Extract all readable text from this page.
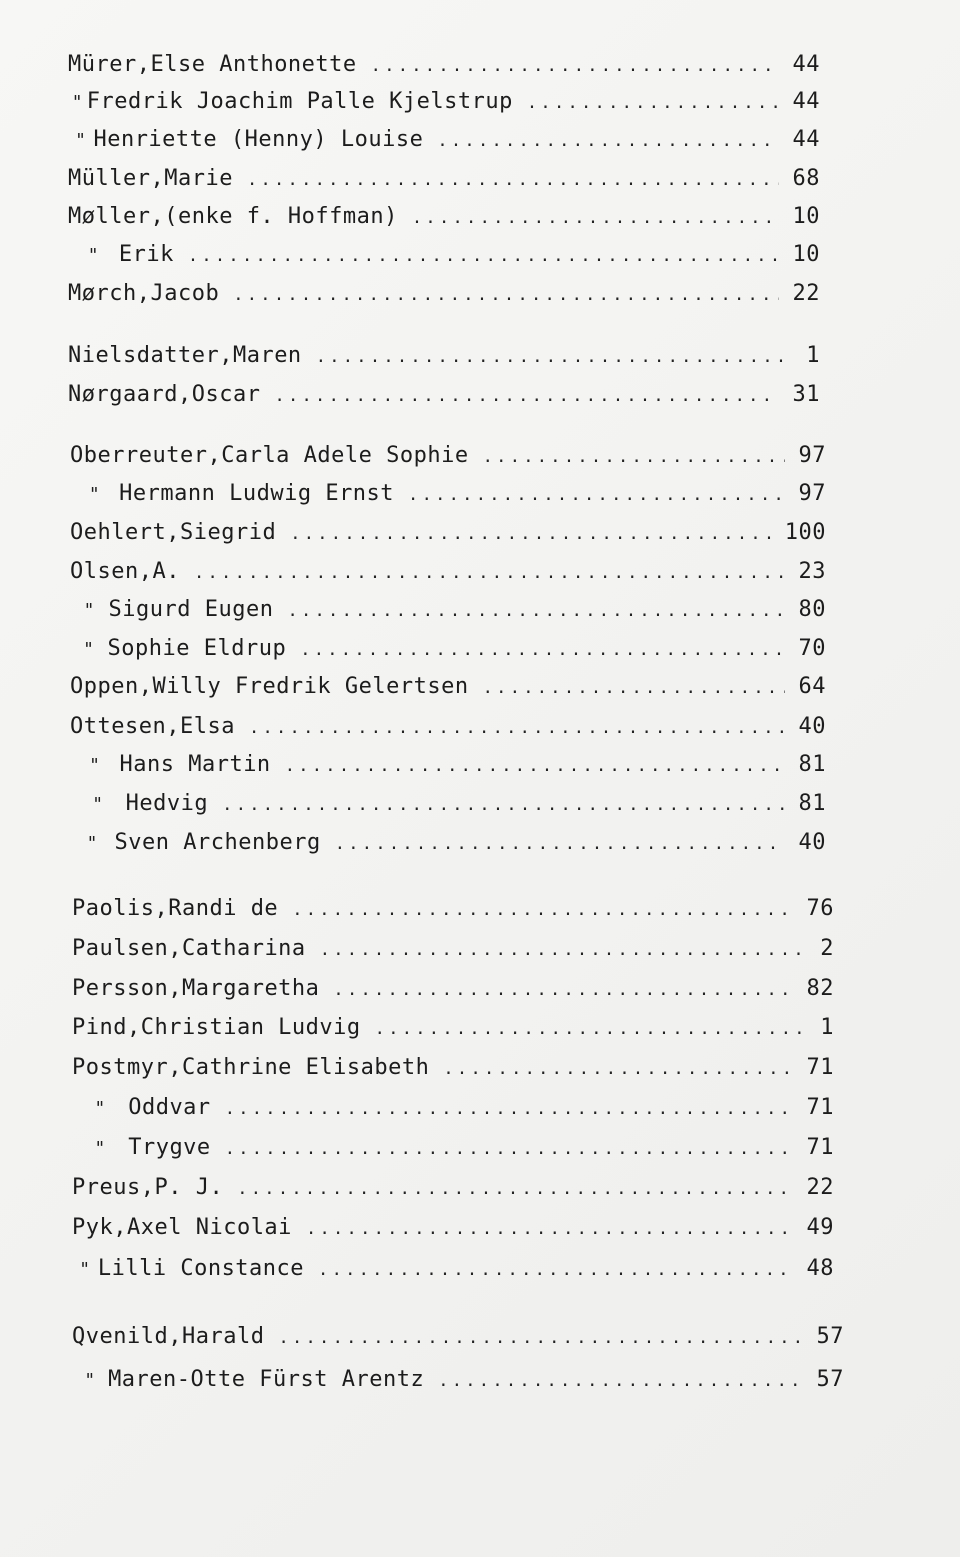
Mürer, Else Anthonette .....	44
" Fredrik Joachim Palle Kjelstrup .....	44
" Henriette (Henny) Louise .....	44
Müller, Marie .....	68
Møller, (enke f. Hoffman) .....	10
" Erik .....	10
Mørch, Jacob .....	22
Nielsdatter, Maren .....	1
Nørgaard, Oscar .....	31
Oberreuter, Carla Adele Sophie .....	97
" Hermann Ludwig Ernst .....	97
Oehlert, Siegrid .....	100
Olsen, A. .....	23
" Sigurd Eugen .....	80
" Sophie Eldrup .....	70
Oppen, Willy Fredrik Gelertsen .....	64
Ottesen, Elsa .....	40
" Hans Martin .....	81
"	Hedvig .....	81
" Sven Archenberg .....	40
Paolis, Randi de .....	76
Paulsen, Catharina .....	2
Persson, Margaretha .....	82
Pind, Christian Ludvig .....	1
Postmyr, Cathrine Elisabeth .....	71
"	Oddvar .....	71
"	Trygve .....	71
Preus, P. J. .....	22
Pyk, Axel Nicolai .....	49
" Lilli Constance .....	48
Qvenild, Harald .....	57
" Maren-Otte Fürst Arentz .....	57
